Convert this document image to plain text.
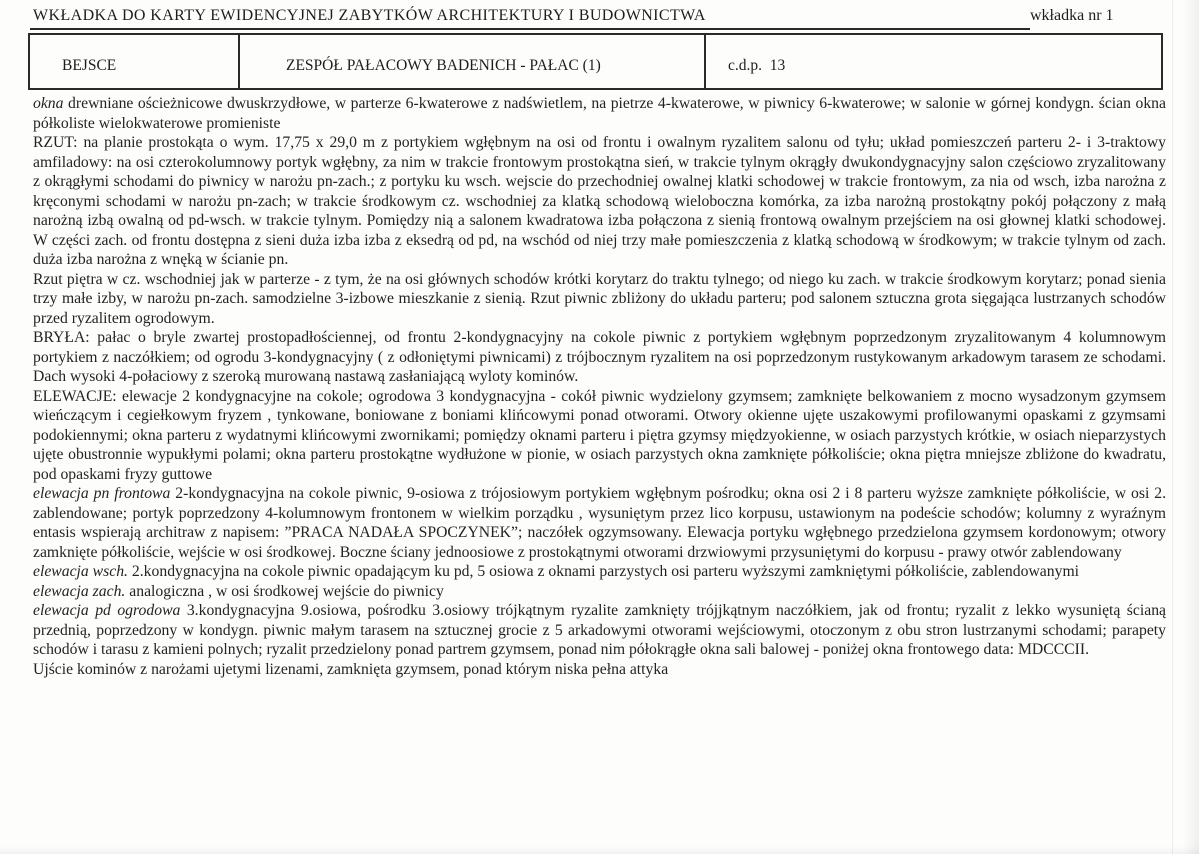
WKŁADKA DO KARTY EWIDENCYJNEJ ZABYTKÓW ARCHITEKTURY I BUDOWNICTWA	wkładka nr 1
BEJSCE	ZESPÓŁ PAŁACOWY BADENICH - PAŁAC (1)	c.d.p.  13

okna drewniane ościeżnicowe dwuskrzydłowe, w parterze 6-kwaterowe z nadświetlem, na pietrze 4-kwaterowe, w piwnicy 6-kwaterowe; w salonie w górnej kondygn. ścian okna półkoliste wielokwaterowe promieniste

RZUT: na planie prostokąta o wym. 17,75 x 29,0 m z portykiem wgłębnym na osi od frontu i owalnym ryzalitem salonu od tyłu; układ pomieszczeń parteru 2- i 3-traktowy amfiladowy: na osi czterokolumnowy portyk wgłębny, za nim w trakcie frontowym prostokątna sień, w trakcie tylnym okrągły dwukondygnacyjny salon częściowo zryzalitowany z okrągłymi schodami do piwnicy w narożu pn-zach.; z portyku ku wsch. wejscie do przechodniej owalnej klatki schodowej w trakcie frontowym, za nia od wsch, izba narożna z kręconymi schodami w narożu pn-zach; w trakcie środkowym cz. wschodniej za klatką schodową wieloboczna komórka, za izba narożną prostokątny pokój połączony z małą narożną izbą owalną od pd-wsch. w trakcie tylnym. Pomiędzy nią a salonem kwadratowa izba połączona z sienią frontową owalnym przejściem na osi głownej klatki schodowej. W części zach. od frontu dostępna z sieni duża izba izba z eksedrą od pd, na wschód od niej trzy małe pomieszczenia z klatką schodową w środkowym; w trakcie tylnym od zach. duża izba narożna z wnęką w ścianie pn.

Rzut piętra w cz. wschodniej jak w parterze - z tym, że na osi głównych schodów krótki korytarz do traktu tylnego; od niego ku zach. w trakcie środkowym korytarz; ponad sienia trzy małe izby, w narożu pn-zach. samodzielne 3-izbowe mieszkanie z sienią. Rzut piwnic zbliżony do układu parteru; pod salonem sztuczna grota sięgająca lustrzanych schodów przed ryzalitem ogrodowym.

BRYŁA: pałac o bryle zwartej prostopadłościennej, od frontu 2-kondygnacyjny na cokole piwnic z portykiem wgłębnym poprzedzonym zryzalitowanym 4 kolumnowym portykiem z naczółkiem; od ogrodu 3-kondygnacyjny ( z odłoniętymi piwnicami) z trójbocznym ryzalitem na osi poprzedzonym rustykowanym arkadowym tarasem ze schodami. Dach wysoki 4-połaciowy z szeroką murowaną nastawą zasłaniającą wyloty kominów.

ELEWACJE: elewacje 2 kondygnacyjne na cokole; ogrodowa 3 kondygnacyjna - cokół piwnic wydzielony gzymsem; zamknięte belkowaniem z mocno wysadzonym gzymsem wieńczącym i cegiełkowym fryzem , tynkowane, boniowane z boniami klińcowymi ponad otworami. Otwory okienne ujęte uszakowymi profilowanymi opaskami z gzymsami podokiennymi; okna parteru z wydatnymi klińcowymi zwornikami; pomiędzy oknami parteru i piętra gzymsy międzyokienne, w osiach parzystych krótkie, w osiach nieparzystych ujęte obustronnie wypukłymi polami; okna parteru prostokątne wydłużone w pionie, w osiach parzystych okna zamknięte półkoliście; okna piętra mniejsze zbliżone do kwadratu, pod opaskami fryzy guttowe

elewacja pn frontowa 2-kondygnacyjna na cokole piwnic, 9-osiowa z trójosiowym portykiem wgłębnym pośrodku; okna osi 2 i 8 parteru wyższe zamknięte półkoliście, w osi 2. zablendowane; portyk poprzedzony 4-kolumnowym frontonem w wielkim porządku , wysuniętym przez lico korpusu, ustawionym na podeście schodów; kolumny z wyraźnym entasis wspierają architraw z napisem: ”PRACA NADAŁA SPOCZYNEK”; naczółek ogzymsowany. Elewacja portyku wgłębnego przedzielona gzymsem kordonowym; otwory zamknięte półkoliście, wejście w osi środkowej. Boczne ściany jednoosiowe z prostokątnymi otworami drzwiowymi przysuniętymi do korpusu - prawy otwór zablendowany

elewacja wsch. 2.kondygnacyjna na cokole piwnic opadającym ku pd, 5 osiowa z oknami parzystych osi parteru wyższymi zamkniętymi półkoliście, zablendowanymi

elewacja zach. analogiczna , w osi środkowej wejście do piwnicy

elewacja pd ogrodowa 3.kondygnacyjna 9.osiowa, pośrodku 3.osiowy trójkątnym ryzalite zamknięty trójjkątnym naczółkiem, jak od frontu; ryzalit z lekko wysuniętą ścianą przednią, poprzedzony w kondygn. piwnic małym tarasem na sztucznej grocie z 5 arkadowymi otworami wejściowymi, otoczonym z obu stron lustrzanymi schodami; parapety schodów i tarasu z kamieni polnych; ryzalit przedzielony ponad partrem gzymsem, ponad nim półokrągłe okna sali balowej - poniżej okna frontowego data: MDCCCII.

Ujście kominów z narożami ujetymi lizenami, zamknięta gzymsem, ponad którym niska pełna attyka
